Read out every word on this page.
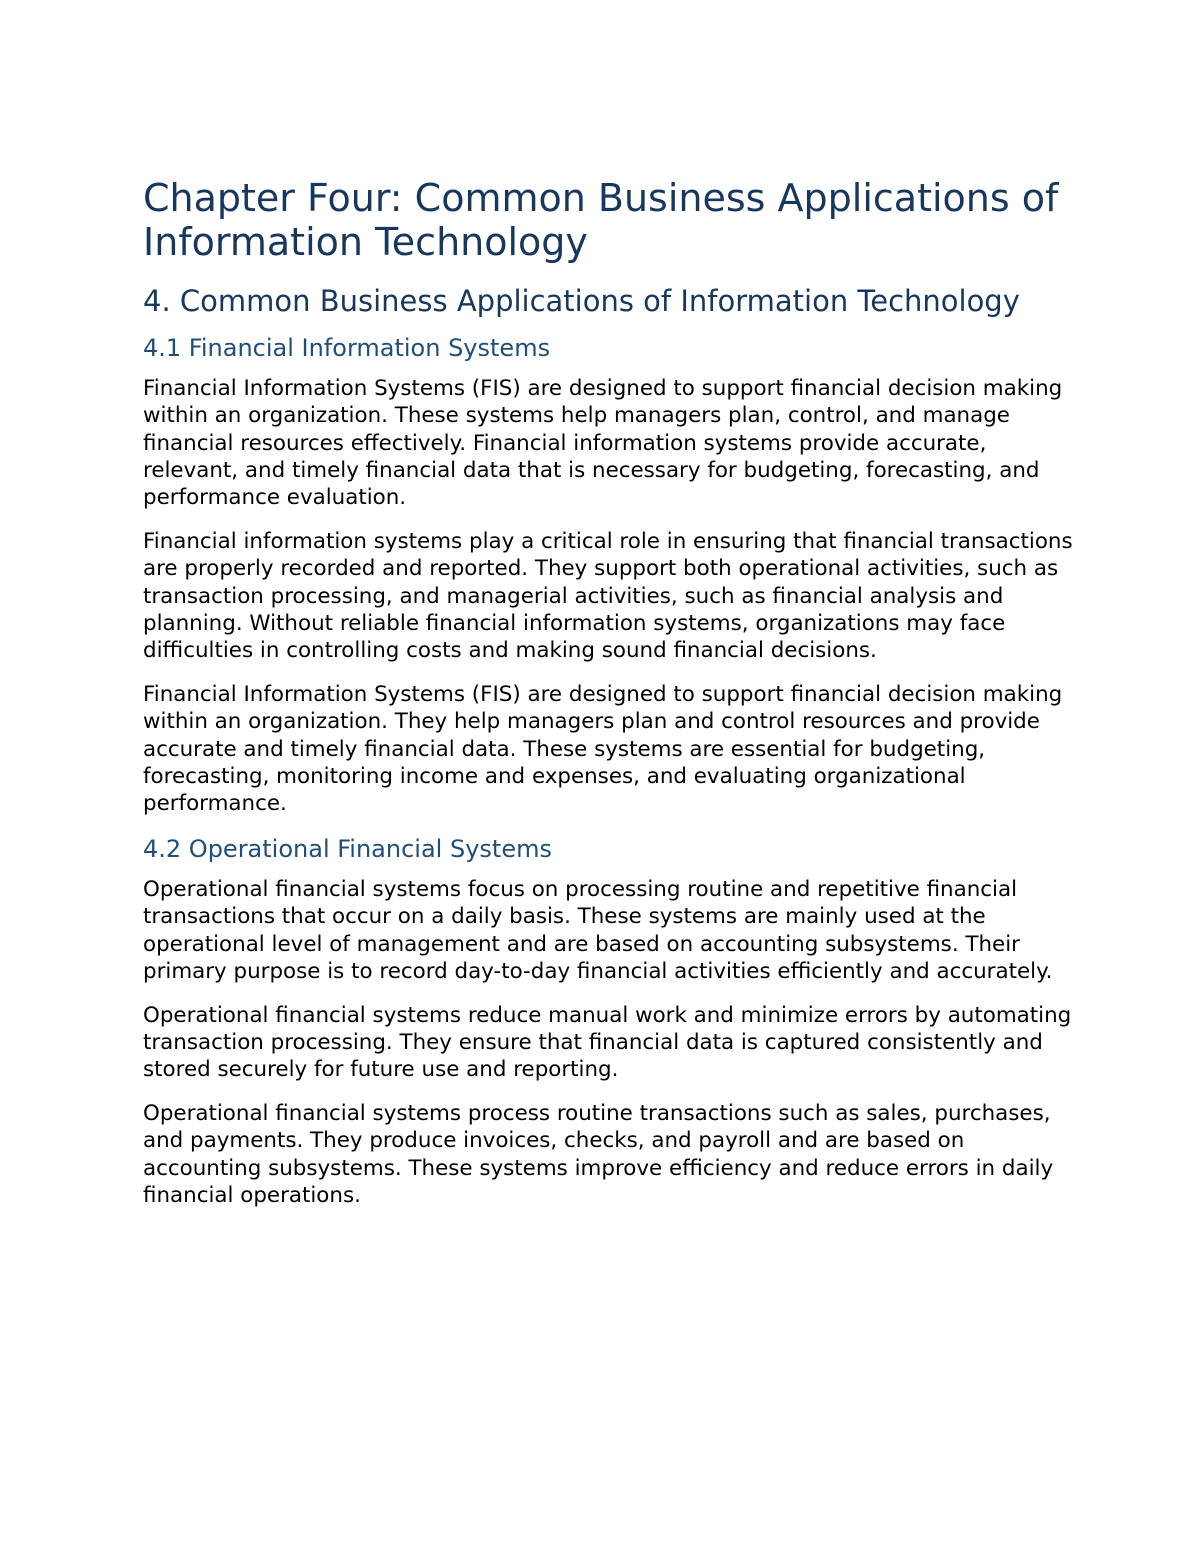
Chapter Four: Common Business Applications of Information Technology
4. Common Business Applications of Information Technology
4.1 Financial Information Systems

Financial Information Systems (FIS) are designed to support financial decision making within an organization. These systems help managers plan, control, and manage financial resources effectively. Financial information systems provide accurate, relevant, and timely financial data that is necessary for budgeting, forecasting, and performance evaluation.

Financial information systems play a critical role in ensuring that financial transactions are properly recorded and reported. They support both operational activities, such as transaction processing, and managerial activities, such as financial analysis and planning. Without reliable financial information systems, organizations may face difficulties in controlling costs and making sound financial decisions.

Financial Information Systems (FIS) are designed to support financial decision making within an organization. They help managers plan and control resources and provide accurate and timely financial data. These systems are essential for budgeting, forecasting, monitoring income and expenses, and evaluating organizational performance.

4.2 Operational Financial Systems

Operational financial systems focus on processing routine and repetitive financial transactions that occur on a daily basis. These systems are mainly used at the operational level of management and are based on accounting subsystems. Their primary purpose is to record day-to-day financial activities efficiently and accurately.

Operational financial systems reduce manual work and minimize errors by automating transaction processing. They ensure that financial data is captured consistently and stored securely for future use and reporting.

Operational financial systems process routine transactions such as sales, purchases, and payments. They produce invoices, checks, and payroll and are based on accounting subsystems. These systems improve efficiency and reduce errors in daily financial operations.
